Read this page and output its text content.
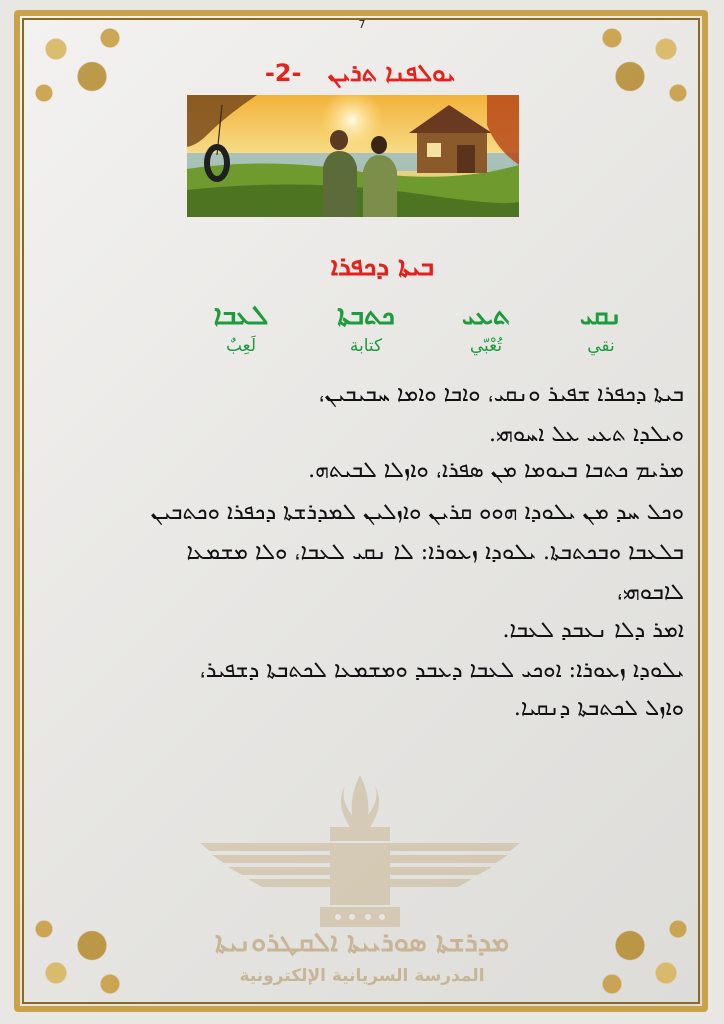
7
-2- ܝܘܠܦܢܐ ܬܪܝܢ
ܒܝܬܐ ܕܟܦܪܐ
ܢܩܝ
نقي
ܬܥܝ
تُعْبّي
ܟܬܒܬܐ
كتابة
ܠܥܒܐ
لَعِبٌ
ܒܝܬܐ ܕܟܦܪܐ ܫܦܝܪ ܘܢܩܝ، ܘܐܒܐ ܘܐܡܐ ܚܒܝܒܝܢ،
ܘܝܠܕܐ ܬܥܝ ܥܠ ܐܚܘܗܝ.
ܡܪܝܡ ܟܬܒܐ ܒܝܘܡܐ ܡܢ ܣܦܪܐ، ܘܐܙܠܐ ܠܒܝܬܗ.
ܘܟܠ ܚܕ ܡܢ ܝܠܘܕܐ ܗܘܘ ܩܪܝܢ ܘܐܙܠܝܢ ܠܡܕܪܫܬܐ ܕܟܦܪܐ ܘܟܬܒܝܢ
ܒܠܥܒܐ ܘܒܟܬܒܬܐ. ܝܠܘܕܐ ܙܥܘܪܐ: ܠܐ ܢܩܝ ܠܥܒܐ، ܘܠܐ ܡܫܡܥܐ
ܠܐܒܘܗܝ،
ܐܡܪ ܕܠܐ ܢܥܒܕ ܠܥܒܐ.
ܝܠܘܕܐ ܙܥܘܪܐ: ܐܘܟܝ ܠܥܒܐ ܕܥܒܕ ܘܡܫܡܥܐ ܠܟܬܒܬܐ ܕܫܦܝܪ،
ܘܐܙܠ ܠܟܬܒܬܐ ܕܢܩܝܐ.
ܡܕܪܫܬܐ ܣܘܪܝܝܬܐ ܐܠܩܛܪܘܢܝܬܐ
المدرسة السريانية الإلكترونية
